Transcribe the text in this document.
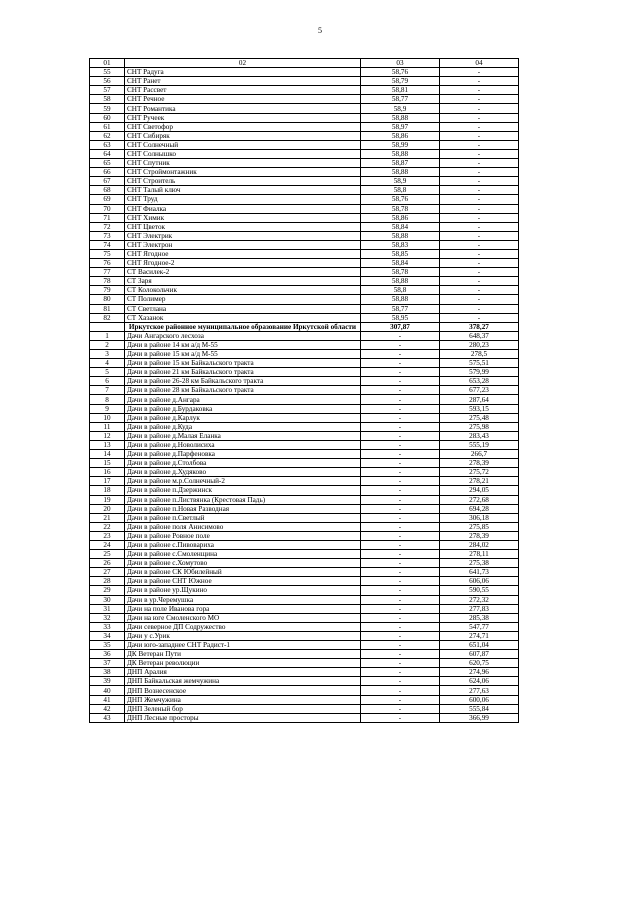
5
01	02	03	04
55	СНТ Радуга	58,76	-
56	СНТ Ранет	58,79	-
57	СНТ Рассвет	58,81	-
58	СНТ Речное	58,77	-
59	СНТ Романтика	58,9	-
60	СНТ Ручеек	58,88	-
61	СНТ Светофор	58,97	-
62	СНТ Сибиряк	58,86	-
63	СНТ Солнечный	58,99	-
64	СНТ Солнышко	58,88	-
65	СНТ Спутник	58,87	-
66	СНТ Строймонтажник	58,88	-
67	СНТ Строитель	58,9	-
68	СНТ Талый ключ	58,8	-
69	СНТ Труд	58,76	-
70	СНТ Фиалка	58,78	-
71	СНТ Химик	58,86	-
72	СНТ Цветок	58,84	-
73	СНТ Электрик	58,88	-
74	СНТ Электрон	58,83	-
75	СНТ Ягодное	58,85	-
76	СНТ Ягодное-2	58,84	-
77	СТ Василек-2	58,78	-
78	СТ Заря	58,88	-
79	СТ Колокольчик	58,8	-
80	СТ Полимер	58,88	-
81	СТ Светлана	58,77	-
82	СТ Хазанок	58,95	-
	Иркутское районное муниципальное образование Иркутской области	307,87	378,27
1	Дачи Ангарского лесхоза	-	648,37
2	Дачи в районе 14 км а/д М-55	-	280,23
3	Дачи в районе 15 км а/д М-55	-	278,5
4	Дачи в районе 15 км Байкальского тракта	-	575,51
5	Дачи в районе 21 км Байкальского тракта	-	579,99
6	Дачи в районе 26-28 км Байкальского тракта	-	653,28
7	Дачи в районе 28 км Байкальского тракта	-	677,23
8	Дачи в районе д.Ангара	-	287,64
9	Дачи в районе д.Бурдаковка	-	593,15
10	Дачи в районе д.Карлук	-	275,48
11	Дачи в районе д.Куда	-	275,98
12	Дачи в районе д.Малая Еланка	-	283,43
13	Дачи в районе д.Новолисиха	-	555,19
14	Дачи в районе д.Парфеновка	-	266,7
15	Дачи в районе д.Столбова	-	278,39
16	Дачи в районе д.Худяково	-	275,72
17	Дачи в районе м.р.Солнечный-2	-	278,21
18	Дачи в районе п.Дзержинск	-	294,05
19	Дачи в районе п.Листвянка (Крестовая Падь)	-	272,68
20	Дачи в районе п.Новая Разводная	-	694,28
21	Дачи в районе п.Светлый	-	306,18
22	Дачи в районе поля Анисимово	-	275,85
23	Дачи в районе Ровное поле	-	278,39
24	Дачи в районе с.Пивовариха	-	284,02
25	Дачи в районе с.Смоленщина	-	278,11
26	Дачи в районе с.Хомутово	-	275,38
27	Дачи в районе СК Юбилейный	-	641,73
28	Дачи в районе СНТ Южное	-	606,06
29	Дачи в районе ур.Щукино	-	590,55
30	Дачи в ур.Черемушка	-	272,32
31	Дачи на поле Иванова гора	-	277,83
32	Дачи на юге Смоленского МО	-	285,38
33	Дачи северное ДП Содружество	-	547,77
34	Дачи у с.Урик	-	274,71
35	Дачи юго-западнее СНТ Радист-1	-	651,04
36	ДК Ветеран Пути	-	607,87
37	ДК Ветеран революции	-	620,75
38	ДНП Аралия	-	274,96
39	ДНП Байкальская жемчужина	-	624,06
40	ДНП Вознесенское	-	277,63
41	ДНП Жемчужина	-	600,06
42	ДНП Зеленый бор	-	555,84
43	ДНП Лесные просторы	-	366,99
